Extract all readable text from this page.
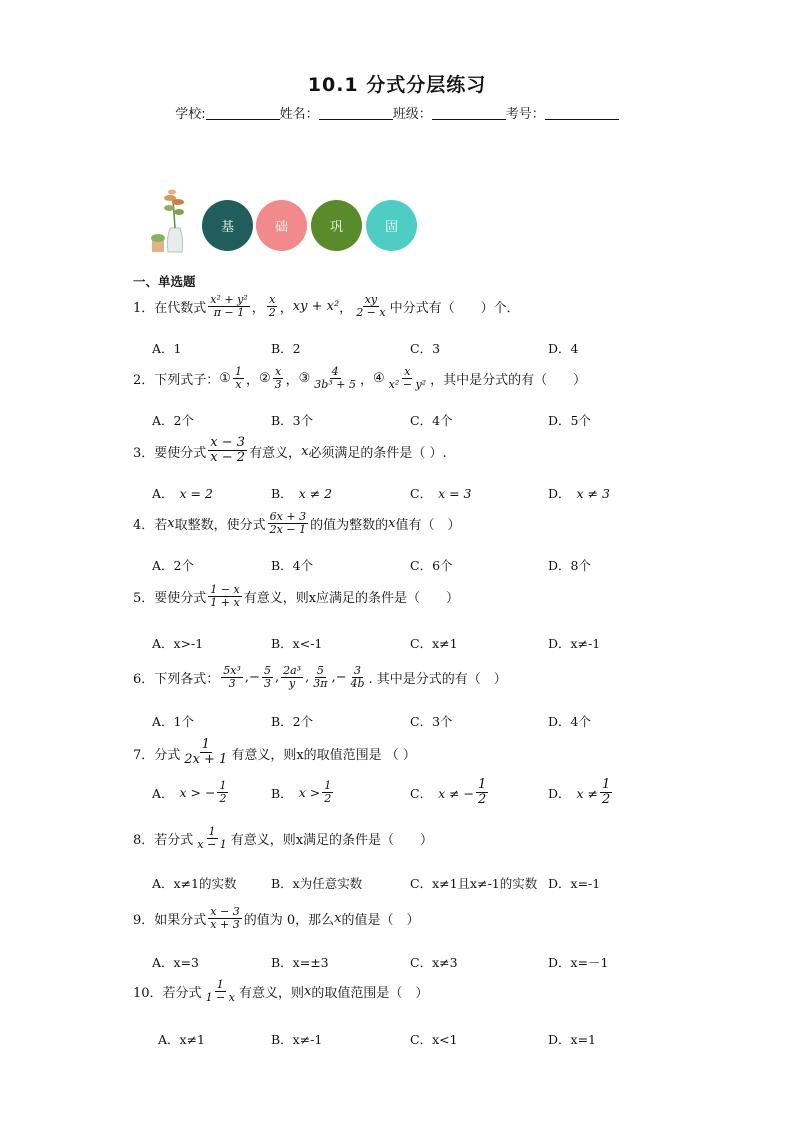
10.1 分式分层练习
学校:	姓名：	班级：	考号：
基	础	巩	固
一、单选题
1． 在代数式 $\frac{\text{x² + y²}}{\pi - 1}$ ， $\frac{x}{2}$ ， xy + x² ， $\frac{xy}{2 - x}$ 中分式有（　　）个．
A．1	B．2	C．3	D．4
2． 下列式子： ① $\frac{1}{x}$ ， ② $\frac{x}{3}$ ， ③ $\frac{4}{\text{3b³ + 5}}$ ， ④ $\frac{x}{\text{x² − y²}}$ ，其中是分式的有（　　）
A．2个	B．3个	C．4个	D．5个
3． 要使分式 $\frac{x - 3}{x - 2}$ 有意义， x 必须满足的条件是（ ）.
A． x = 2	B． x ≠ 2	C． x = 3	D． x ≠ 3
4． 若 x 取整数，使分式 $\frac{6x + 3}{2x - 1}$ 的值为整数的 x 值有（　）
A．2个	B．4个	C．6个	D．8个
5． 要使分式 $\frac{1 - x}{1 + x}$ 有意义，则x应满足的条件是（　　）
A．x>-1	B．x<-1	C．x≠1	D．x≠-1
6． 下列各式： $\frac{\text{5x³}}{3}$ ,− $\frac{5}{3}$ , $\frac{\text{2a³}}{y}$ , $\frac{5}{3\pi}$ ,− $\frac{3}{4b}$ . 其中是分式的有（　）
A．1个	B．2个	C．3个	D．4个
7． 分式 $\frac{1}{2x + 1}$ 有意义，则x的取值范围是 （ ）
A． x > − $\frac{1}{2}$	B． $x > \frac{1}{2}$	C． x ≠ − $\frac{1}{2}$	D． $x \ne \frac{1}{2}$
8． 若分式 $\frac{1}{x - 1}$ 有意义，则x满足的条件是（　　）
A．x≠1的实数	B．x为任意实数	C．x≠1且x≠-1的实数 D．x=-1
9． 如果分式 $\frac{x - 3}{x + 3}$ 的值为 0，那么 x 的值是（　）
A．x=3	B．x=±3	C．x≠3	D．x=－1
10． 若分式 $\frac{1}{1 - x}$ 有意义，则 x 的取值范围是（　）
A．x≠1	B．x≠-1	C．x<1	D．x=1
